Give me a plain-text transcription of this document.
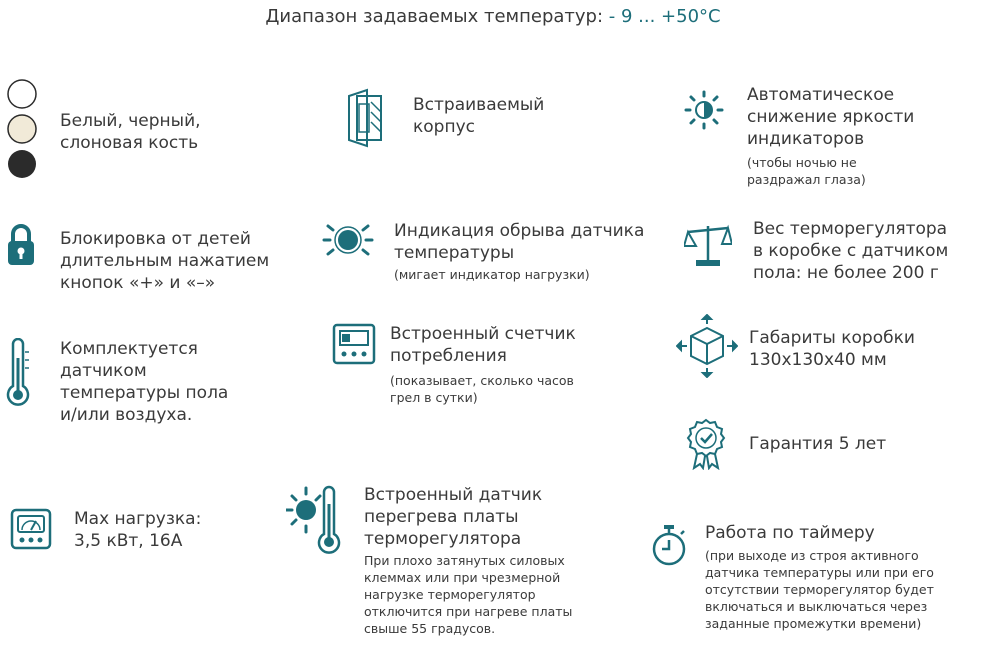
Диапазон задаваемых температур: - 9 ... +50°C
Белый, черный,
слоновая кость
Встраиваемый
корпус
Автоматическое
снижение яркости
индикаторов
(чтобы ночью не
раздражал глаза)
Блокировка от детей
длительным нажатием
кнопок «+» и «–»
Индикация обрыва датчика
температуры
(мигает индикатор нагрузки)
Вес терморегулятора
в коробке с датчиком
пола: не более 200 г
Комплектуется
датчиком
температуры пола
и/или воздуха.
Встроенный счетчик
потребления
(показывает, сколько часов
грел в сутки)
Габариты коробки
130х130х40 мм
Гарантия 5 лет
Max нагрузка:
3,5 кВт, 16А
Встроенный датчик
перегрева платы
терморегулятора
При плохо затянутых силовых
клеммах или при чрезмерной
нагрузке терморегулятор
отключится при нагреве платы
свыше 55 градусов.
Работа по таймеру
(при выходе из строя активного
датчика температуры или при его
отсутствии терморегулятор будет
включаться и выключаться через
заданные промежутки времени)
